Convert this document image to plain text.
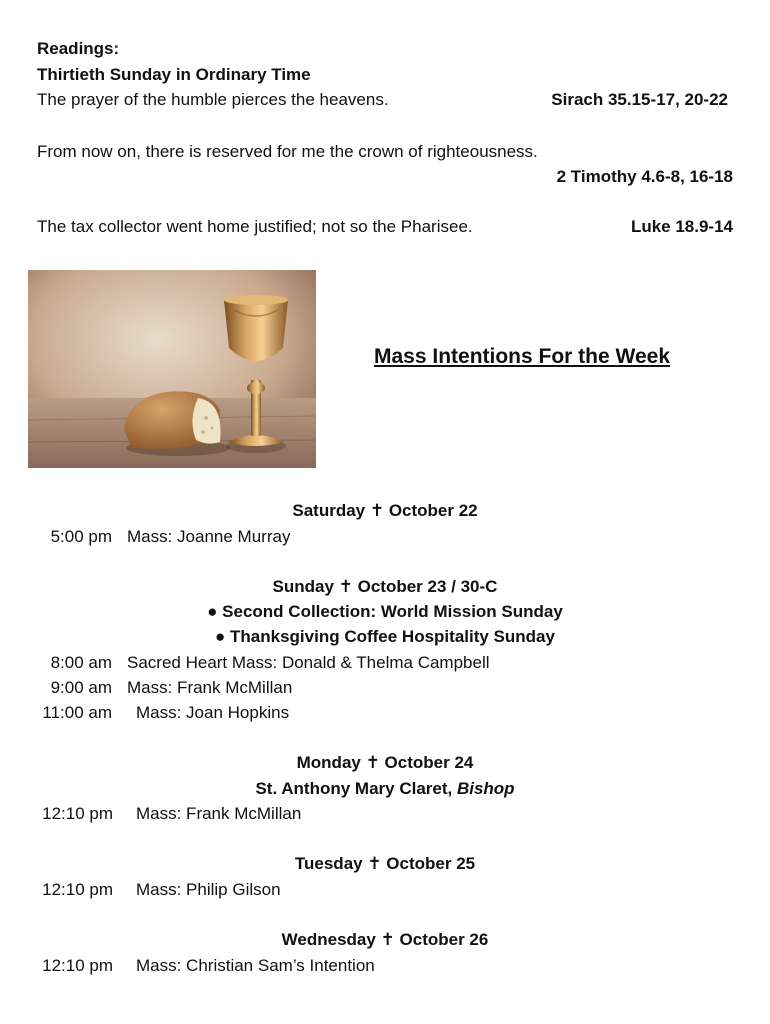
Readings:
Thirtieth Sunday in Ordinary Time
The prayer of the humble pierces the heavens.	Sirach 35.15-17, 20-22
From now on, there is reserved for me the crown of righteousness.
2 Timothy 4.6-8, 16-18
The tax collector went home justified; not so the Pharisee.	Luke 18.9-14
Mass Intentions For the Week
Saturday ✝ October 22
5:00 pm Mass: Joanne Murray
Sunday ✝ October 23 / 30-C
● Second Collection: World Mission Sunday
● Thanksgiving Coffee Hospitality Sunday
8:00 am Sacred Heart Mass: Donald & Thelma Campbell
9:00 am Mass: Frank McMillan
11:00 am Mass: Joan Hopkins
Monday ✝ October 24
St. Anthony Mary Claret, Bishop
12:10 pm Mass: Frank McMillan
Tuesday ✝ October 25
12:10 pm Mass: Philip Gilson
Wednesday ✝ October 26
12:10 pm Mass: Christian Sam’s Intention
